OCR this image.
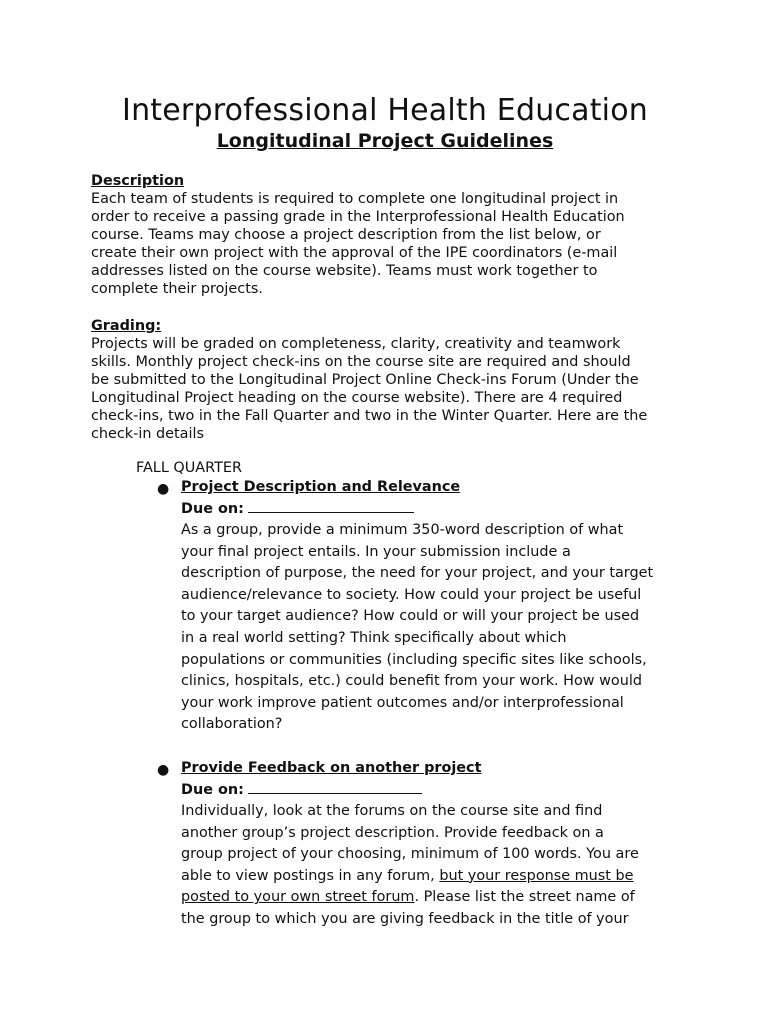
Interprofessional Health Education
Longitudinal Project Guidelines
Description
Each team of students is required to complete one longitudinal project in
order to receive a passing grade in the Interprofessional Health Education
course. Teams may choose a project description from the list below, or
create their own project with the approval of the IPE coordinators (e-mail
addresses listed on the course website). Teams must work together to
complete their projects.
Grading:
Projects will be graded on completeness, clarity, creativity and teamwork
skills. Monthly project check-ins on the course site are required and should
be submitted to the Longitudinal Project Online Check-ins Forum (Under the
Longitudinal Project heading on the course website). There are 4 required
check-ins, two in the Fall Quarter and two in the Winter Quarter. Here are the
check-in details
FALL QUARTER
● Project Description and Relevance
Due on:
As a group, provide a minimum 350-word description of what
your final project entails. In your submission include a
description of purpose, the need for your project, and your target
audience/relevance to society. How could your project be useful
to your target audience? How could or will your project be used
in a real world setting? Think specifically about which
populations or communities (including specific sites like schools,
clinics, hospitals, etc.) could benefit from your work. How would
your work improve patient outcomes and/or interprofessional
collaboration?
● Provide Feedback on another project
Due on:
Individually, look at the forums on the course site and find
another group’s project description. Provide feedback on a
group project of your choosing, minimum of 100 words. You are
able to view postings in any forum, but your response must be
posted to your own street forum. Please list the street name of
the group to which you are giving feedback in the title of your
